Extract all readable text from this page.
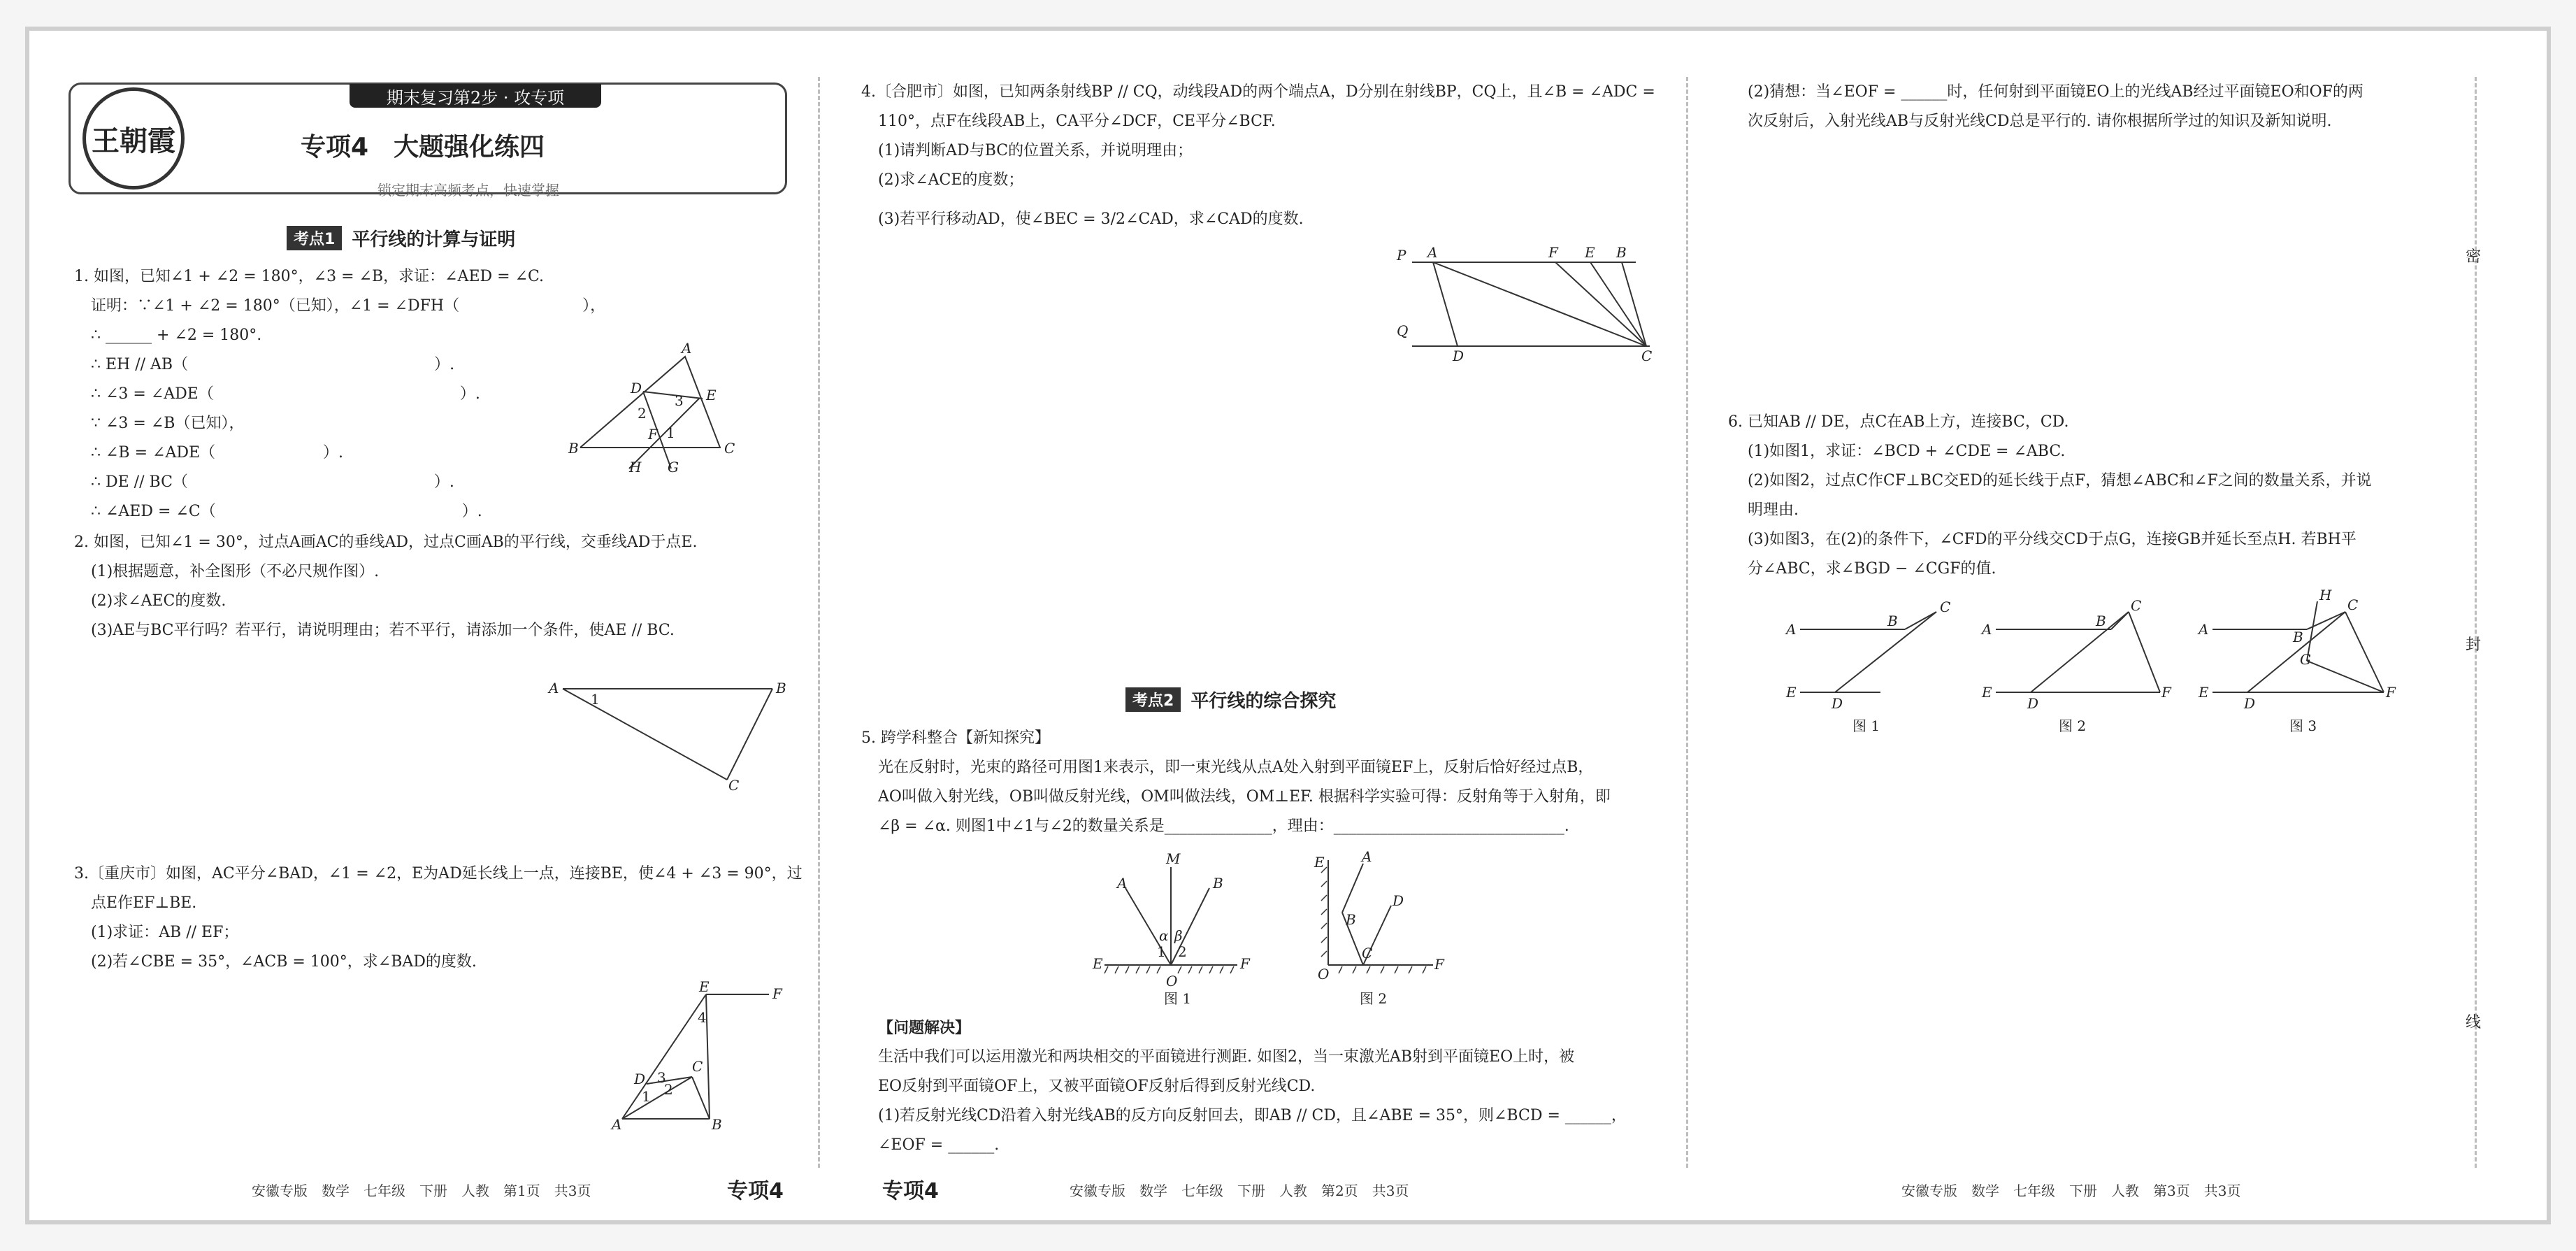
王朝霞
期末复习第2步 · 攻专项
专项4　大题强化练四
锁定期末高频考点，快速掌握
考点1 平行线的计算与证明
1. 如图，已知∠1 + ∠2 = 180°，∠3 = ∠B，求证：∠AED = ∠C.
证明：∵∠1 + ∠2 = 180°（已知），∠1 = ∠DFH（　　　　　　　　），
∴ ______ + ∠2 = 180°.
∴ EH // AB（　　　　　　　　　　　　　　　　）.
∴ ∠3 = ∠ADE（　　　　　　　　　　　　　　　　）.
∵ ∠3 = ∠B（已知），
∴ ∠B = ∠ADE（　　　　　　　）.
∴ DE // BC（　　　　　　　　　　　　　　　　）.
∴ ∠AED = ∠C（　　　　　　　　　　　　　　　　）.
A
D	E
B	C
H G
F 1
2
3
2. 如图，已知∠1 = 30°，过点A画AC的垂线AD，过点C画AB的平行线，交垂线AD于点E.
(1)根据题意，补全图形（不必尺规作图）.
(2)求∠AEC的度数.
(3)AE与BC平行吗？若平行，请说明理由；若不平行，请添加一个条件，使AE // BC.
A	B
C
1
3.〔重庆市〕如图，AC平分∠BAD，∠1 = ∠2，E为AD延长线上一点，连接BE，使∠4 + ∠3 = 90°，过
点E作EF⊥BE.
(1)求证：AB // EF；
(2)若∠CBE = 35°，∠ACB = 100°，求∠BAD的度数.
E	F
4
D 3
C
2
1
A	B
安徽专版　数学　七年级　下册　人教　第1页　共3页	专项4
4.〔合肥市〕如图，已知两条射线BP // CQ，动线段AD的两个端点A，D分别在射线BP，CQ上，且∠B = ∠ADC =
110°，点F在线段AB上，CA平分∠DCF，CE平分∠BCF.
(1)请判断AD与BC的位置关系，并说明理由；
(2)求∠ACE的度数；
(3)若平行移动AD，使∠BEC = 3/2∠CAD，求∠CAD的度数.
P A	F E B
Q
D	C
考点2 平行线的综合探究
5. 跨学科整合【新知探究】
光在反射时，光束的路径可用图1来表示，即一束光线从点A处入射到平面镜EF上，反射后恰好经过点B，
AO叫做入射光线，OB叫做反射光线，OM叫做法线，OM⊥EF. 根据科学实验可得：反射角等于入射角，即
∠β = ∠α. 则图1中∠1与∠2的数量关系是______________，理由：______________________________.
M
A	B
α β
1 2
E	F
O
图 1
E	A
D
B
C
O
F
图 2
【问题解决】
生活中我们可以运用激光和两块相交的平面镜进行测距. 如图2，当一束激光AB射到平面镜EO上时，被
EO反射到平面镜OF上，又被平面镜OF反射后得到反射光线CD.
(1)若反射光线CD沿着入射光线AB的反方向反射回去，即AB // CD，且∠ABE = 35°，则∠BCD = ______，
∠EOF = ______.
专项4	安徽专版　数学　七年级　下册　人教　第2页　共3页
(2)猜想：当∠EOF = ______时，任何射到平面镜EO上的光线AB经过平面镜EO和OF的两
次反射后，入射光线AB与反射光线CD总是平行的. 请你根据所学过的知识及新知说明.
6. 已知AB // DE，点C在AB上方，连接BC，CD.
(1)如图1，求证：∠BCD + ∠CDE = ∠ABC.
(2)如图2，过点C作CF⊥BC交ED的延长线于点F，猜想∠ABC和∠F之间的数量关系，并说
明理由.
(3)如图3，在(2)的条件下，∠CFD的平分线交CD于点G，连接GB并延长至点H. 若BH平
分∠ABC，求∠BGD − ∠CGF的值.
A	B
C
E
D
图 1
A	B
C
E
D
F
图 2
A	B
C
E
D
F
G
H
图 3
安徽专版　数学　七年级　下册　人教　第3页　共3页
密
封
线
